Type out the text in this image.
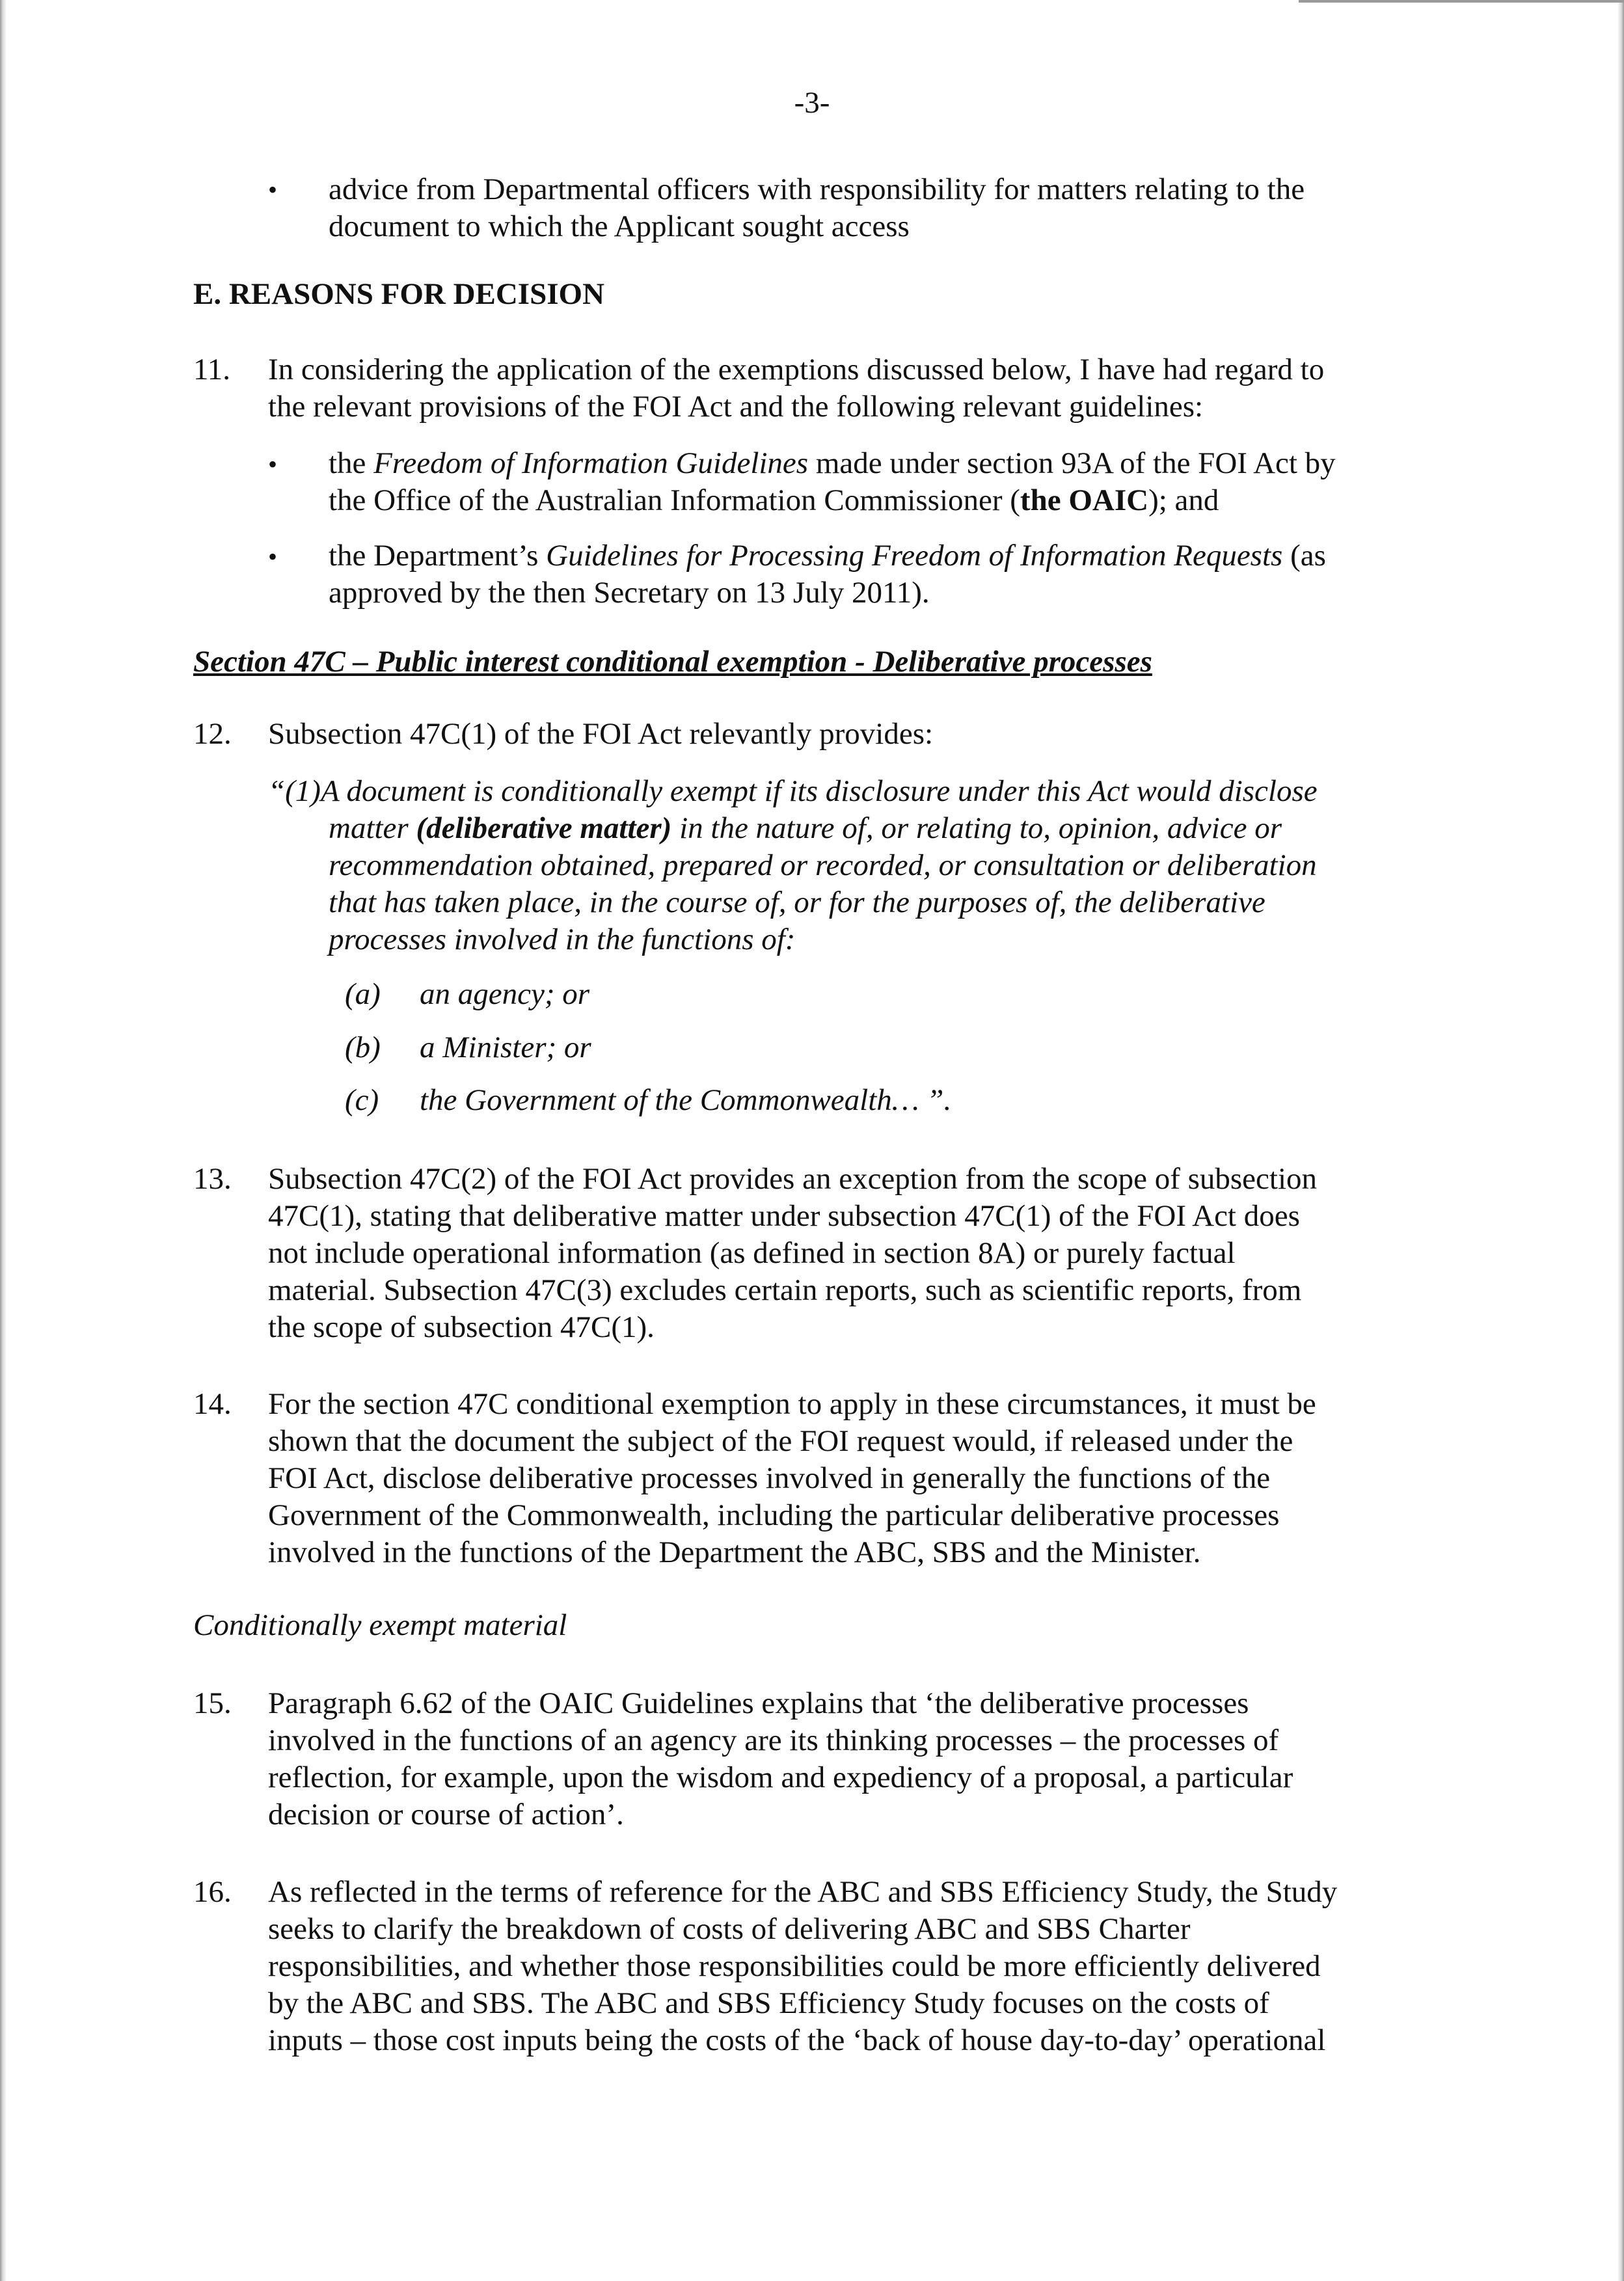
-3-
• advice from Departmental officers with responsibility for matters relating to the
document to which the Applicant sought access
E. REASONS FOR DECISION
11.	In considering the application of the exemptions discussed below, I have had regard to
the relevant provisions of the FOI Act and the following relevant guidelines:
• the Freedom of Information Guidelines made under section 93A of the FOI Act by
the Office of the Australian Information Commissioner (the OAIC); and
• the Department’s Guidelines for Processing Freedom of Information Requests (as
approved by the then Secretary on 13 July 2011).
Section 47C – Public interest conditional exemption - Deliberative processes
12.	Subsection 47C(1) of the FOI Act relevantly provides:
“(1)A document is conditionally exempt if its disclosure under this Act would disclose
matter (deliberative matter) in the nature of, or relating to, opinion, advice or
recommendation obtained, prepared or recorded, or consultation or deliberation
that has taken place, in the course of, or for the purposes of, the deliberative
processes involved in the functions of:
(a) an agency; or
(b) a Minister; or
(c) the Government of the Commonwealth… ”.
13.	Subsection 47C(2) of the FOI Act provides an exception from the scope of subsection
47C(1), stating that deliberative matter under subsection 47C(1) of the FOI Act does
not include operational information (as defined in section 8A) or purely factual
material. Subsection 47C(3) excludes certain reports, such as scientific reports, from
the scope of subsection 47C(1).
14.	For the section 47C conditional exemption to apply in these circumstances, it must be
shown that the document the subject of the FOI request would, if released under the
FOI Act, disclose deliberative processes involved in generally the functions of the
Government of the Commonwealth, including the particular deliberative processes
involved in the functions of the Department the ABC, SBS and the Minister.
Conditionally exempt material
15.	Paragraph 6.62 of the OAIC Guidelines explains that ‘the deliberative processes
involved in the functions of an agency are its thinking processes – the processes of
reflection, for example, upon the wisdom and expediency of a proposal, a particular
decision or course of action’.
16.	As reflected in the terms of reference for the ABC and SBS Efficiency Study, the Study
seeks to clarify the breakdown of costs of delivering ABC and SBS Charter
responsibilities, and whether those responsibilities could be more efficiently delivered
by the ABC and SBS. The ABC and SBS Efficiency Study focuses on the costs of
inputs – those cost inputs being the costs of the ‘back of house day-to-day’ operational
